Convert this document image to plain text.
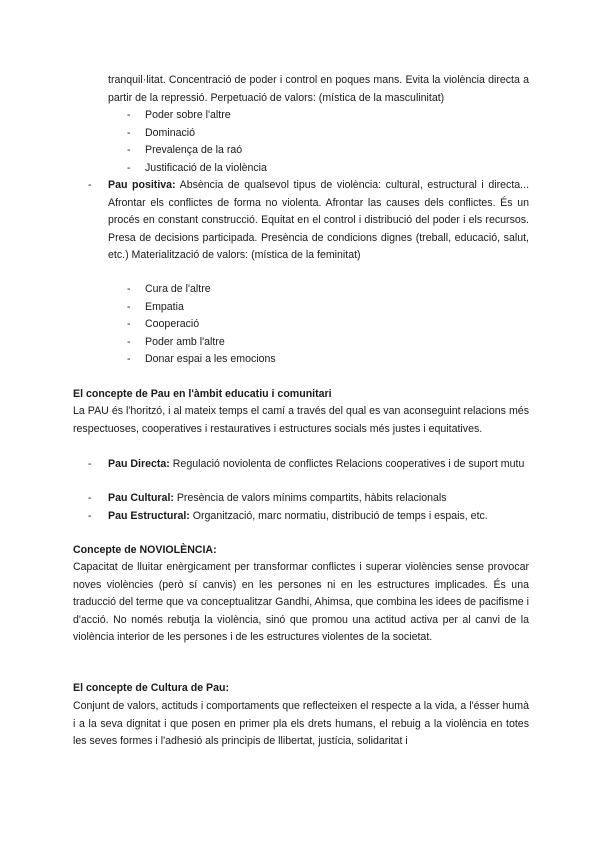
tranquil·litat. Concentració de poder i control en poques mans. Evita la violència directa a partir de la repressió. Perpetuació de valors: (mística de la masculinitat)
- Poder sobre l'altre
- Dominació
- Prevalença de la raó
- Justificació de la violència
- Pau positiva: Absència de qualsevol tipus de violència: cultural, estructural i directa... Afrontar els conflictes de forma no violenta. Afrontar las causes dels conflictes. És un procés en constant construcció. Equitat en el control i distribució del poder i els recursos. Presa de decisions participada. Presència de condicions dignes (treball, educació, salut, etc.) Materialització de valors: (mística de la feminitat)
- Cura de l'altre
- Empatia
- Cooperació
- Poder amb l'altre
- Donar espai a les emocions
El concepte de Pau en l'àmbit educatiu i comunitari
La PAU és l'horitzó, i al mateix temps el camí a través del qual es van aconseguint relacions més respectuoses, cooperatives i restauratives i estructures socials més justes i equitatives.
- Pau Directa: Regulació noviolenta de conflictes Relacions cooperatives i de suport mutu
- Pau Cultural: Presència de valors mínims compartits, hàbits relacionals
- Pau Estructural: Organització, marc normatiu, distribució de temps i espais, etc.
Concepte de NOVIOLÈNCIA:
Capacitat de lluitar enèrgicament per transformar conflictes i superar violències sense provocar noves violències (però sí canvis) en les persones ni en les estructures implicades. És una traducció del terme que va conceptualitzar Gandhi, Ahimsa, que combina les idees de pacifisme i d'acció. No només rebutja la violència, sinó que promou una actitud activa per al canvi de la violència interior de les persones i de les estructures violentes de la societat.
El concepte de Cultura de Pau:
Conjunt de valors, actituds i comportaments que reflecteixen el respecte a la vida, a l'ésser humà i a la seva dignitat i que posen en primer pla els drets humans, el rebuig a la violència en totes les seves formes i l'adhesió als principis de llibertat, justícia, solidaritat i
